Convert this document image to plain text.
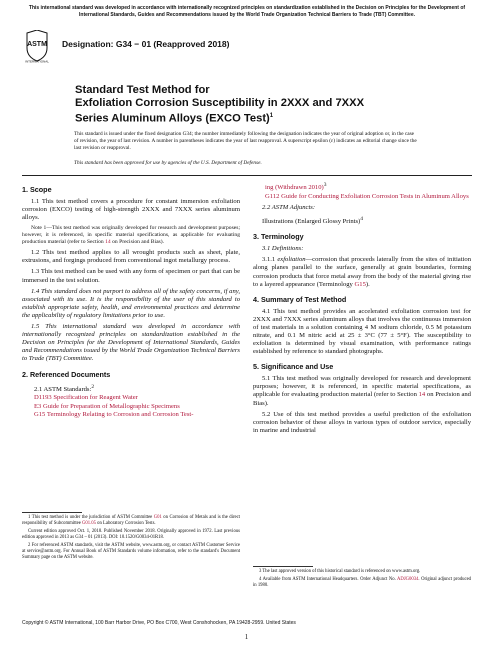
This international standard was developed in accordance with internationally recognized principles on standardization established in the Decision on Principles for the Development of International Standards, Guides and Recommendations issued by the World Trade Organization Technical Barriers to Trade (TBT) Committee.
ASTM
INTERNATIONAL
Designation: G34 − 01 (Reapproved 2018)
Standard Test Method for
Exfoliation Corrosion Susceptibility in 2XXX and 7XXX
Series Aluminum Alloys (EXCO Test)$^1$
This standard is issued under the fixed designation G34; the number immediately following the designation indicates the year of original adoption or, in the case of revision, the year of last revision. A number in parentheses indicates the year of last reapproval. A superscript epsilon (ε) indicates an editorial change since the last revision or reapproval.
This standard has been approved for use by agencies of the U.S. Department of Defense.
1. Scope

1.1 This test method covers a procedure for constant immersion exfoliation corrosion (EXCO) testing of high-strength 2XXX and 7XXX series aluminum alloys.

Note 1—This test method was originally developed for research and development purposes; however, it is referenced, in specific material specifications, as applicable for evaluating production material (refer to Section 14 on Precision and Bias).

1.2 This test method applies to all wrought products such as sheet, plate, extrusions, and forgings produced from conventional ingot metallurgy process.

1.3 This test method can be used with any form of specimen or part that can be immersed in the test solution.

1.4 This standard does not purport to address all of the safety concerns, if any, associated with its use. It is the responsibility of the user of this standard to establish appropriate safety, health, and environmental practices and determine the applicability of regulatory limitations prior to use.

1.5 This international standard was developed in accordance with internationally recognized principles on standardization established in the Decision on Principles for the Development of International Standards, Guides and Recommendations issued by the World Trade Organization Technical Barriers to Trade (TBT) Committee.

2. Referenced Documents

2.1 ASTM Standards:$^2$

D1193 Specification for Reagent Water

E3 Guide for Preparation of Metallographic Specimens

G15 Terminology Relating to Corrosion and Corrosion Test-

ing (Withdrawn 2010)$^3$

G112 Guide for Conducting Exfoliation Corrosion Tests in Aluminum Alloys

2.2 ASTM Adjuncts:

Illustrations (Enlarged Glossy Prints)$^4$

3. Terminology

3.1 Definitions:

3.1.1 exfoliation—corrosion that proceeds laterally from the sites of initiation along planes parallel to the surface, generally at grain boundaries, forming corrosion products that force metal away from the body of the material giving rise to a layered appearance (Terminology G15).

4. Summary of Test Method

4.1 This test method provides an accelerated exfoliation corrosion test for 2XXX and 7XXX series aluminum alloys that involves the continuous immersion of test materials in a solution containing 4 M sodium chloride, 0.5 M potassium nitrate, and 0.1 M nitric acid at 25 ± 3°C (77 ± 5°F). The susceptibility to exfoliation is determined by visual examination, with performance ratings established by reference to standard photographs.

5. Significance and Use

5.1 This test method was originally developed for research and development purposes; however, it is referenced, in specific material specifications, as applicable for evaluating production material (refer to Section 14 on Precision and Bias).

5.2 Use of this test method provides a useful prediction of the exfoliation corrosion behavior of these alloys in various types of outdoor service, especially in marine and industrial

1 This test method is under the jurisdiction of ASTM Committee G01 on Corrosion of Metals and is the direct responsibility of Subcommittee G01.05 on Laboratory Corrosion Tests.

Current edition approved Oct. 1, 2018. Published November 2018. Originally approved in 1972. Last previous edition approved in 2013 as G34 – 01 (2013). DOI: 10.1520/G0034-01R18.

2 For referenced ASTM standards, visit the ASTM website, www.astm.org, or contact ASTM Customer Service at service@astm.org. For Annual Book of ASTM Standards volume information, refer to the standard's Document Summary page on the ASTM website.

3 The last approved version of this historical standard is referenced on www.astm.org.

4 Available from ASTM International Headquarters. Order Adjunct No. ADJG0034. Original adjunct produced in 1980.

Copyright © ASTM International, 100 Barr Harbor Drive, PO Box C700, West Conshohocken, PA 19428-2959. United States
1
